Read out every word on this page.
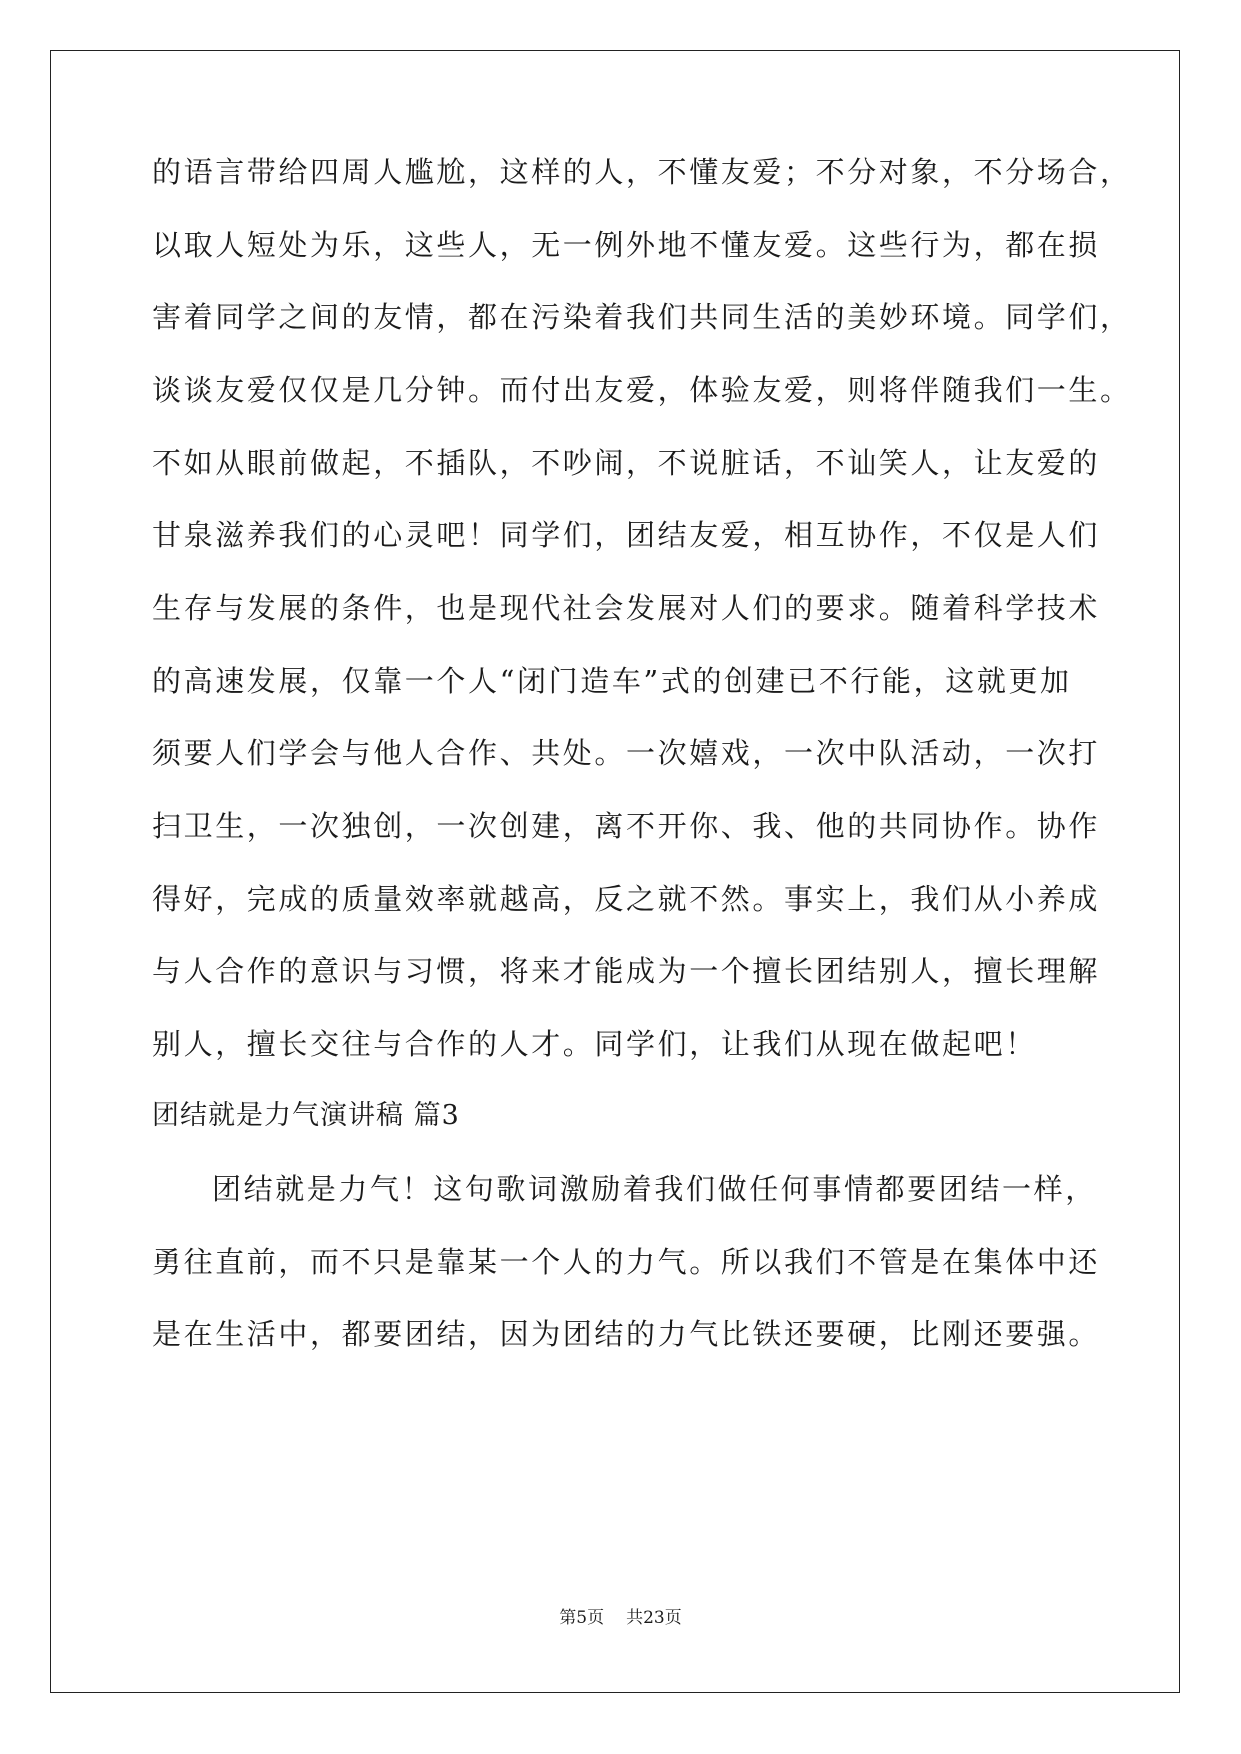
的语言带给四周人尴尬，这样的人，不懂友爱；不分对象，不分场合，
以取人短处为乐，这些人，无一例外地不懂友爱。这些行为，都在损
害着同学之间的友情，都在污染着我们共同生活的美妙环境。同学们，
谈谈友爱仅仅是几分钟。而付出友爱，体验友爱，则将伴随我们一生。
不如从眼前做起，不插队，不吵闹，不说脏话，不讪笑人，让友爱的
甘泉滋养我们的心灵吧！同学们，团结友爱，相互协作，不仅是人们
生存与发展的条件，也是现代社会发展对人们的要求。随着科学技术
的高速发展，仅靠一个人“闭门造车”式的创建已不行能，这就更加
须要人们学会与他人合作、共处。一次嬉戏，一次中队活动，一次打
扫卫生，一次独创，一次创建，离不开你、我、他的共同协作。协作
得好，完成的质量效率就越高，反之就不然。事实上，我们从小养成
与人合作的意识与习惯，将来才能成为一个擅长团结别人，擅长理解
别人，擅长交往与合作的人才。同学们，让我们从现在做起吧！
团结就是力气演讲稿 篇3
团结就是力气！这句歌词激励着我们做任何事情都要团结一样，
勇往直前，而不只是靠某一个人的力气。所以我们不管是在集体中还
是在生活中，都要团结，因为团结的力气比铁还要硬，比刚还要强。
第5页 共23页
